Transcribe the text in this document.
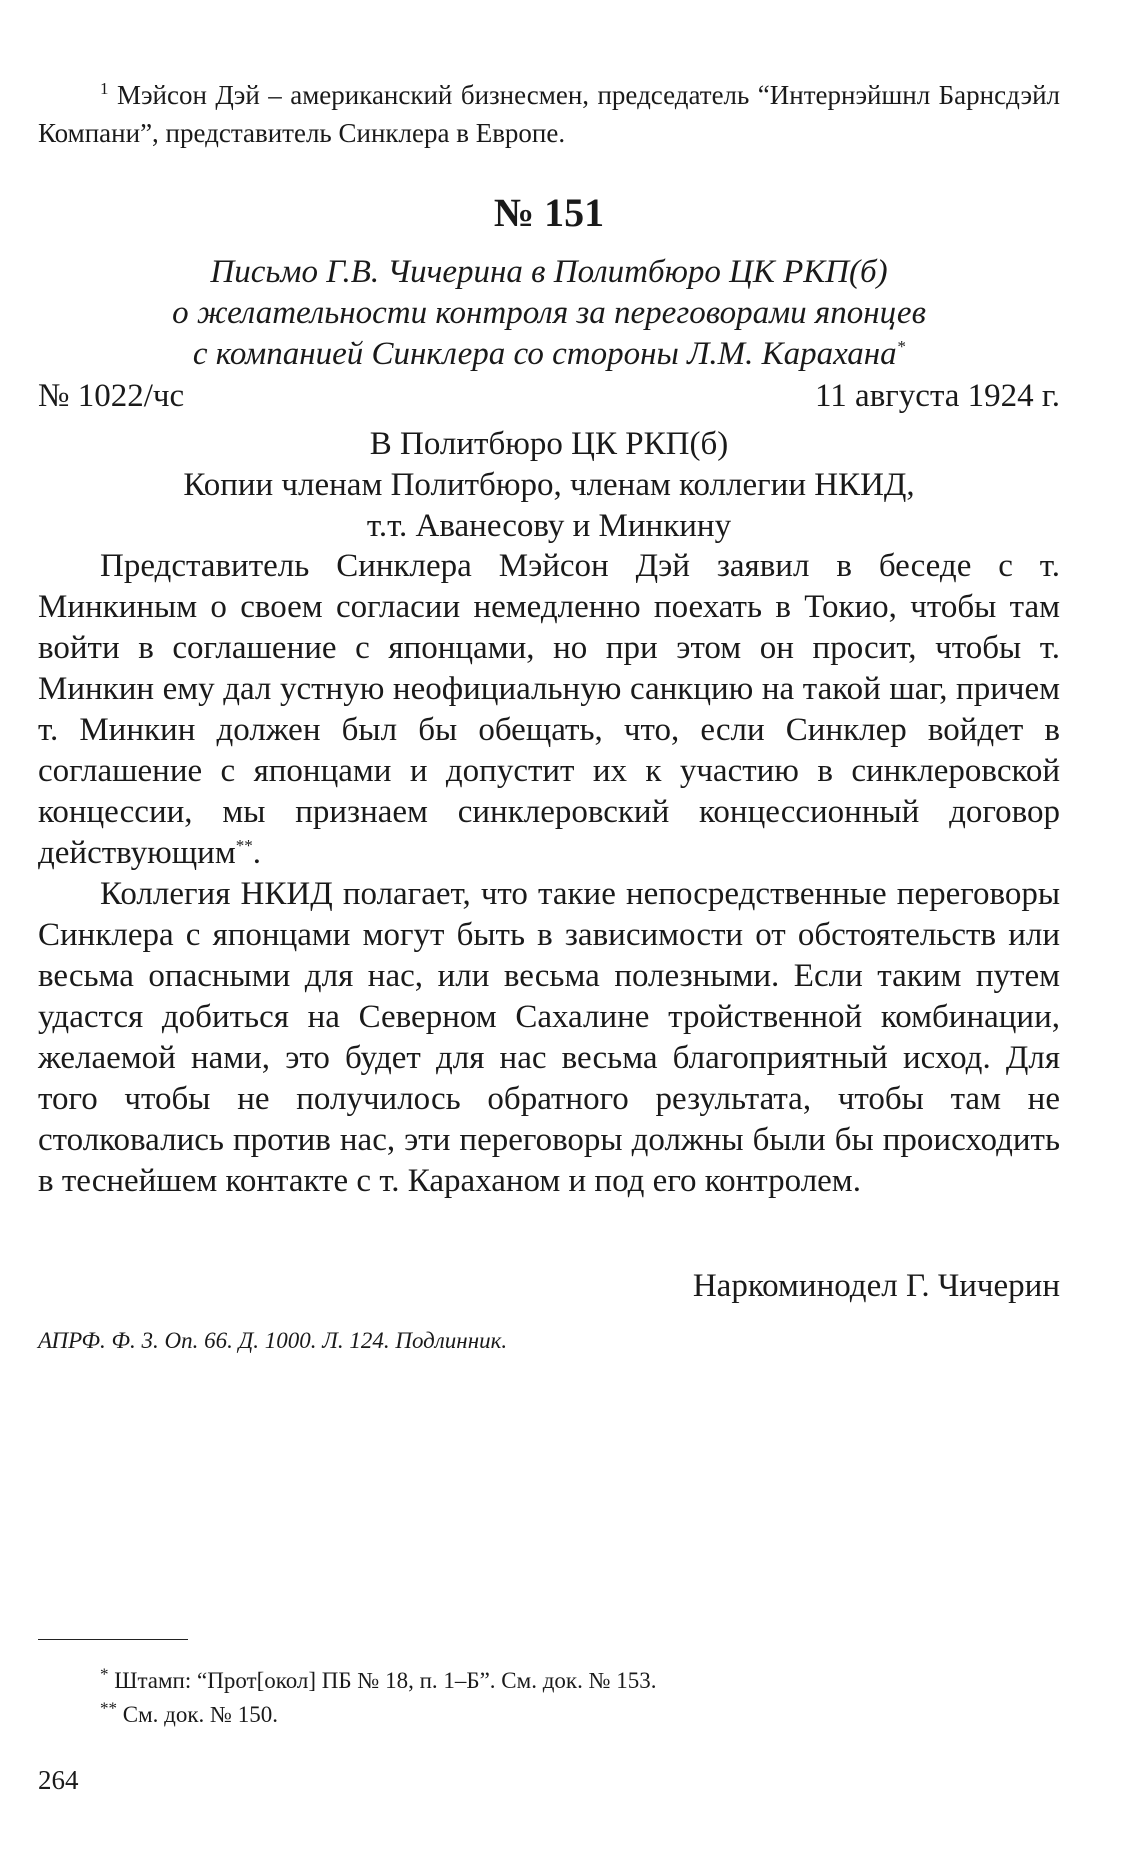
$^1$ Мэйсон Дэй – американский бизнесмен, председатель “Интернэйшнл Барнсдэйл Компани”, представитель Синклера в Европе.
№ 151
Письмо Г.В. Чичерина в Политбюро ЦК РКП(б)
о желательности контроля за переговорами японцев
с компанией Синклера со стороны Л.М. Карахана*
№ 1022/чс	11 августа 1924 г.
В Политбюро ЦК РКП(б)
Копии членам Политбюро, членам коллегии НКИД,
т.т. Аванесову и Минкину

Представитель Синклера Мэйсон Дэй заявил в беседе с т. Минкиным о своем согласии немедленно поехать в Токио, чтобы там войти в соглашение с японцами, но при этом он просит, чтобы т. Минкин ему дал устную неофициальную санкцию на такой шаг, причем т. Минкин должен был бы обещать, что, если Синклер войдет в соглашение с японцами и допустит их к участию в синклеровской концессии, мы признаем синклеровский концессионный договор действующим**.

Коллегия НКИД полагает, что такие непосредственные переговоры Синклера с японцами могут быть в зависимости от обстоятельств или весьма опасными для нас, или весьма полезными. Если таким путем удастся добиться на Северном Сахалине тройственной комбинации, желаемой нами, это будет для нас весьма благоприятный исход. Для того чтобы не получилось обратного результата, чтобы там не столковались против нас, эти переговоры должны были бы происходить в теснейшем контакте с т. Караханом и под его контролем.

Наркоминодел Г. Чичерин
АПРФ. Ф. 3. Оп. 66. Д. 1000. Л. 124. Подлинник.
* Штамп: “Прот[окол] ПБ № 18, п. 1–Б”. См. док. № 153.
** См. док. № 150.
264
